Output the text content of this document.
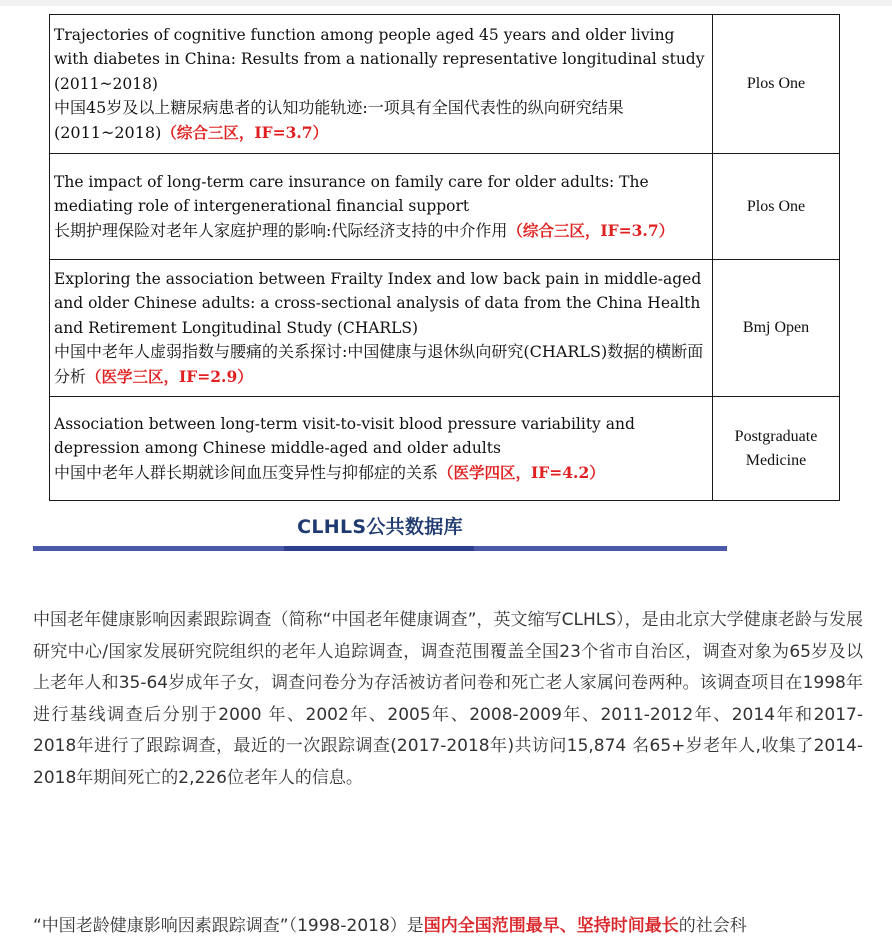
Trajectories of cognitive function among people aged 45 years and older living with diabetes in China: Results from a nationally representative longitudinal study (2011~2018)
中国45岁及以上糖尿病患者的认知功能轨迹:一项具有全国代表性的纵向研究结果(2011~2018)（综合三区，IF=3.7）	Plos One

The impact of long-term care insurance on family care for older adults: The mediating role of intergenerational financial support
长期护理保险对老年人家庭护理的影响:代际经济支持的中介作用（综合三区，IF=3.7）	Plos One

Exploring the association between Frailty Index and low back pain in middle-aged and older Chinese adults: a cross-sectional analysis of data from the China Health and Retirement Longitudinal Study (CHARLS)
中国中老年人虚弱指数与腰痛的关系探讨:中国健康与退休纵向研究(CHARLS)数据的横断面分析（医学三区，IF=2.9）	Bmj Open

Association between long-term visit-to-visit blood pressure variability and depression among Chinese middle-aged and older adults
中国中老年人群长期就诊间血压变异性与抑郁症的关系（医学四区，IF=4.2）	Postgraduate Medicine
CLHLS公共数据库

中国老年健康影响因素跟踪调查（简称“中国老年健康调查”，英文缩写CLHLS），是由北京大学健康老龄与发展研究中心/国家发展研究院组织的老年人追踪调查，调查范围覆盖全国23个省市自治区，调查对象为65岁及以上老年人和35-64岁成年子女，调查问卷分为存活被访者问卷和死亡老人家属问卷两种。该调查项目在1998年进行基线调查后分别于2000 年、2002年、2005年、2008-2009年、2011-2012年、2014年和2017-2018年进行了跟踪调查，最近的一次跟踪调查(2017-2018年)共访问15,874 名65+岁老年人,收集了2014-2018年期间死亡的2,226位老年人的信息。

“中国老龄健康影响因素跟踪调查”（1998-2018）是国内全国范围最早、坚持时间最长的社会科
